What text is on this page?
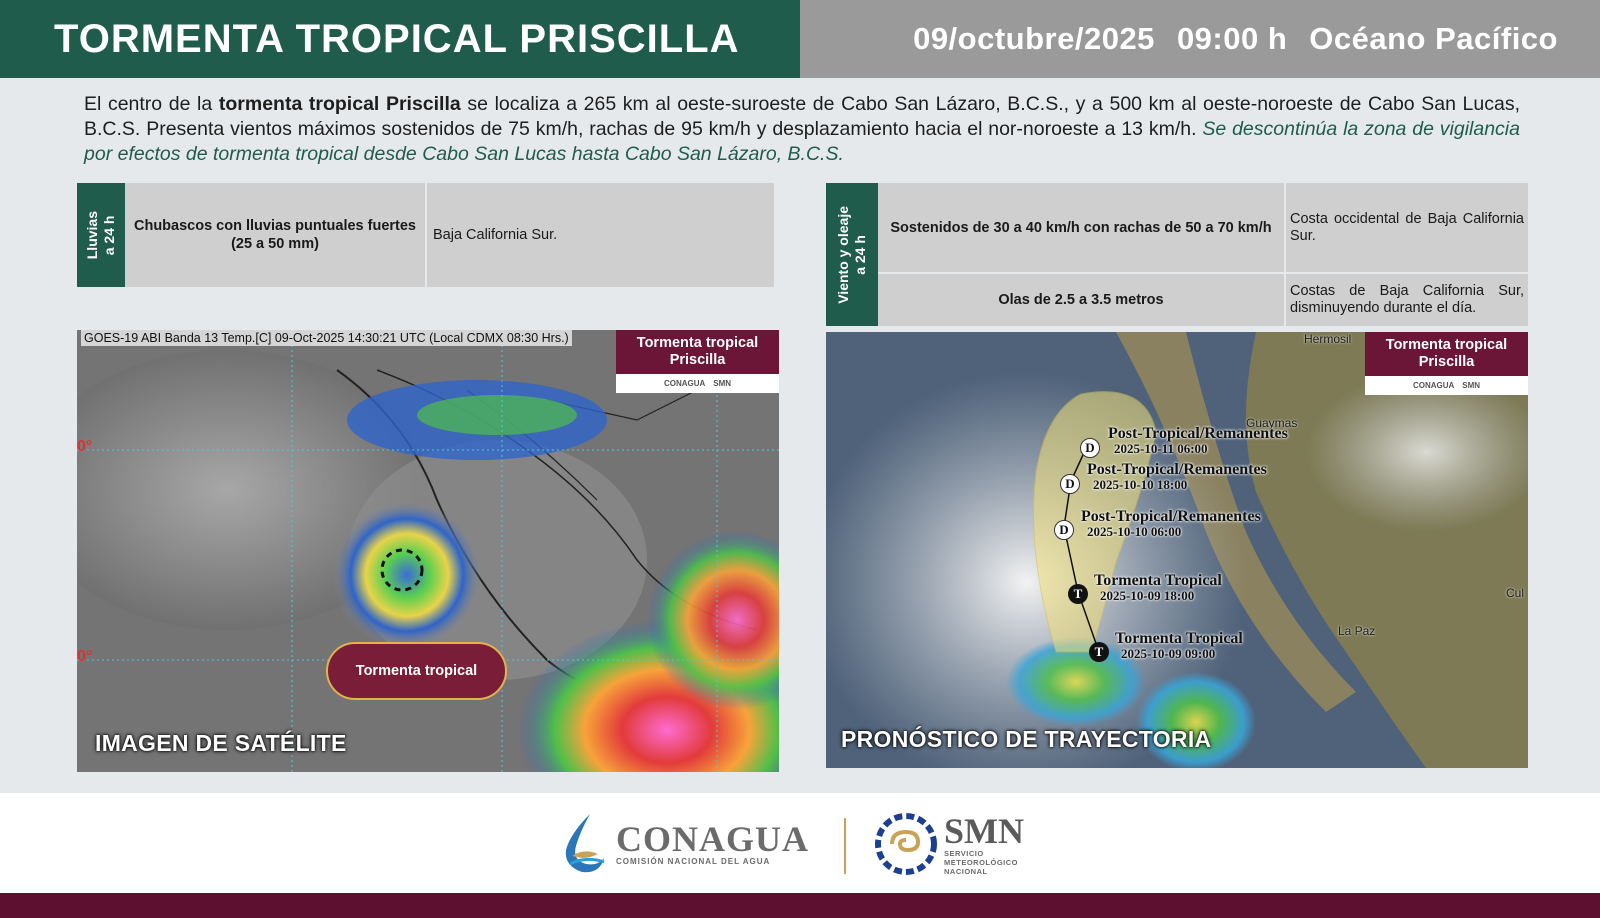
TORMENTA TROPICAL PRISCILLA	09/octubre/2025 09:00 h Océano Pacífico

El centro de la tormenta tropical Priscilla se localiza a 265 km al oeste-suroeste de Cabo San Lázaro, B.C.S., y a 500 km al oeste-noroeste de Cabo San Lucas, B.C.S. Presenta vientos máximos sostenidos de 75 km/h, rachas de 95 km/h y desplazamiento hacia el nor-noroeste a 13 km/h. Se descontinúa la zona de vigilancia por efectos de tormenta tropical desde Cabo San Lucas hasta Cabo San Lázaro, B.C.S.

Lluvias
a 24 h Chubascos con lluvias puntuales fuertes
(25 a 50 mm)
Baja California Sur.	Viento y oleaje
a 24 h
Sostenidos de 30 a 40 km/h con rachas de 50 a 70 km/h
Costa occidental de Baja California Sur.
Olas de 2.5 a 3.5 metros
Costas de Baja California Sur, disminuyendo durante el día.
GOES-19 ABI Banda 13 Temp.[C] 09-Oct-2025 14:30:21 UTC (Local CDMX 08:30 Hrs.)
0°
0°
Tormenta tropical
Priscilla
CONAGUA SMN
Tormenta tropical
IMAGEN DE SATÉLITE
Hermosil
Guaymas
La Paz
Cul
D
Post-Tropical/Remanentes
2025-10-11 06:00
D
Post-Tropical/Remanentes
2025-10-10 18:00
D
Post-Tropical/Remanentes
2025-10-10 06:00
T
Tormenta Tropical
2025-10-09 18:00
T
Tormenta Tropical
2025-10-09 09:00
Tormenta tropical
Priscilla
CONAGUA SMN
PRONÓSTICO DE TRAYECTORIA
CONAGUA
COMISIÓN NACIONAL DEL AGUA
SMN
SERVICIO
METEOROLÓGICO
NACIONAL
